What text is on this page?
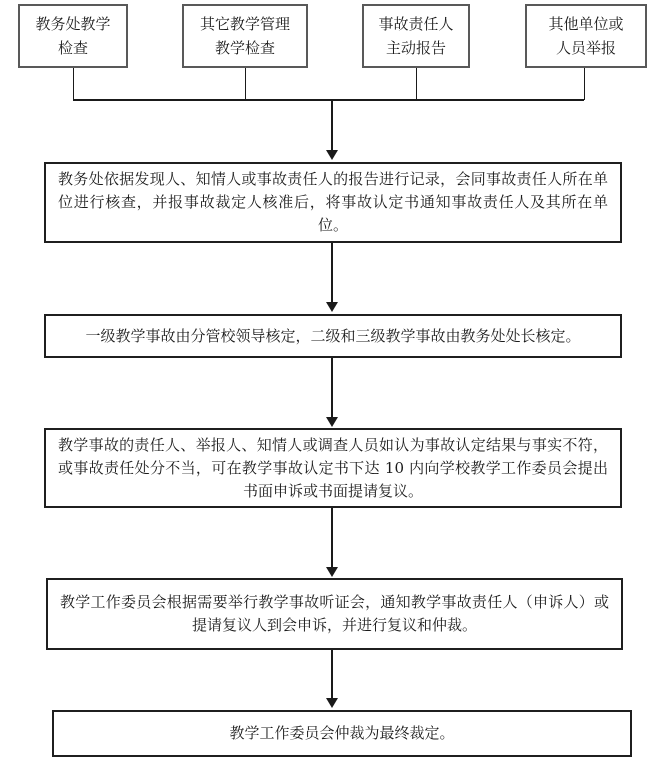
教务处教学
检查
其它教学管理
教学检查
事故责任人
主动报告
其他单位或
人员举报
教务处依据发现人、知情人或事故责任人的报告进行记录，会同事故责任人所在单位进行核查，并报事故裁定人核准后，将事故认定书通知事故责任人及其所在单位。
一级教学事故由分管校领导核定，二级和三级教学事故由教务处处长核定。
教学事故的责任人、举报人、知情人或调查人员如认为事故认定结果与事实不符，或事故责任处分不当，可在教学事故认定书下达 10 内向学校教学工作委员会提出书面申诉或书面提请复议。
教学工作委员会根据需要举行教学事故听证会，通知教学事故责任人（申诉人）或提请复议人到会申诉，并进行复议和仲裁。
教学工作委员会仲裁为最终裁定。
